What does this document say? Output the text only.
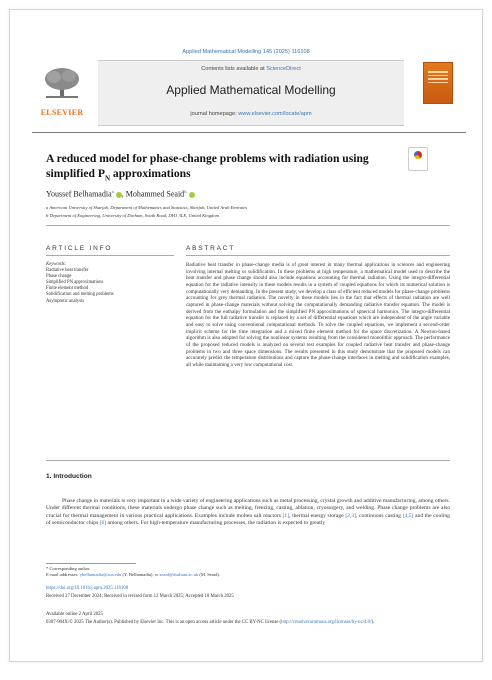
Applied Mathematical Modelling 145 (2025) 116108
ELSEVIER
Contents lists available at ScienceDirect
Applied Mathematical Modelling
journal homepage: www.elsevier.com/locate/apm
A reduced model for phase-change problems with radiation using simplified $P_N$ approximations
Youssef Belhamadia$^{a,}$ , Mohammed Seaid$^{b,}$
a American University of Sharjah, Department of Mathematics and Statistics, Sharjah, United Arab Emirates
b Department of Engineering, University of Durham, South Road, DH1 3LE, United Kingdom
ARTICLE INFO	ABSTRACT
Keywords:
Radiative heat transfer
Phase change
Simplified PN approximations
Finite element method
Solidification and melting problems
Asymptotic analysis
Radiative heat transfer in phase-change media is of great interest in many thermal applications in sciences and engineering involving internal melting or solidification. In these problems at high temperature, a mathematical model used to describe the heat transfer and phase change should also include equations accounting for thermal radiation. Using the integro-differential equation for the radiative intensity in these models results in a system of coupled equations for which its numerical solution is computationally very demanding. In the present study, we develop a class of efficient reduced models for phase-change problems accounting for grey thermal radiation. The novelty in these models lies in the fact that effects of thermal radiation are well captured in phase-change materials without solving the computationally demanding radiative transfer equation. The model is derived from the enthalpy formulation and the simplified PN approximations of spherical harmonics. The integro-differential equation for the full radiative transfer is replaced by a set of differential equations which are independent of the angle variable and easy to solve using conventional computational methods. To solve the coupled equations, we implement a second-order implicit scheme for the time integration and a mixed finite element method for the space discretization. A Newton-based algorithm is also adopted for solving the nonlinear systems resulting from the considered monolithic approach. The performance of the proposed reduced models is analyzed on several test examples for coupled radiative heat transfer and phase-change problems in two and three space dimensions. The results presented in this study demonstrate that the proposed models can accurately predict the temperature distributions and capture the phase-change interfaces in melting and solidification examples, all while maintaining a very low computational cost.
1. Introduction
Phase change in materials is very important in a wide variety of engineering applications such as metal processing, crystal growth and additive manufacturing, among others. Under different thermal conditions, these materials undergo phase change such as melting, freezing, casting, ablation, cryosurgery, and welding. Phase change problems are also crucial for thermal management in various practical applications. Examples include molten salt reactors [1], thermal energy storage [2,3], continuous casting [4,5] and the cooling of semiconductor chips [6] among others. For high-temperature manufacturing processes, the radiation is expected to greatly
* Corresponding author.
E-mail addresses: ybelhamadia@aus.edu (Y. Belhamadia), m.seaid@durham.ac.uk (M. Seaid).
https://doi.org/10.1016/j.apm.2025.116108
Received 27 December 2024; Received in revised form 12 March 2025; Accepted 18 March 2025
Available online 2 April 2025
0307-904X/© 2025 The Author(s). Published by Elsevier Inc. This is an open access article under the CC BY-NC license (http://creativecommons.org/licenses/by-nc/4.0/).
